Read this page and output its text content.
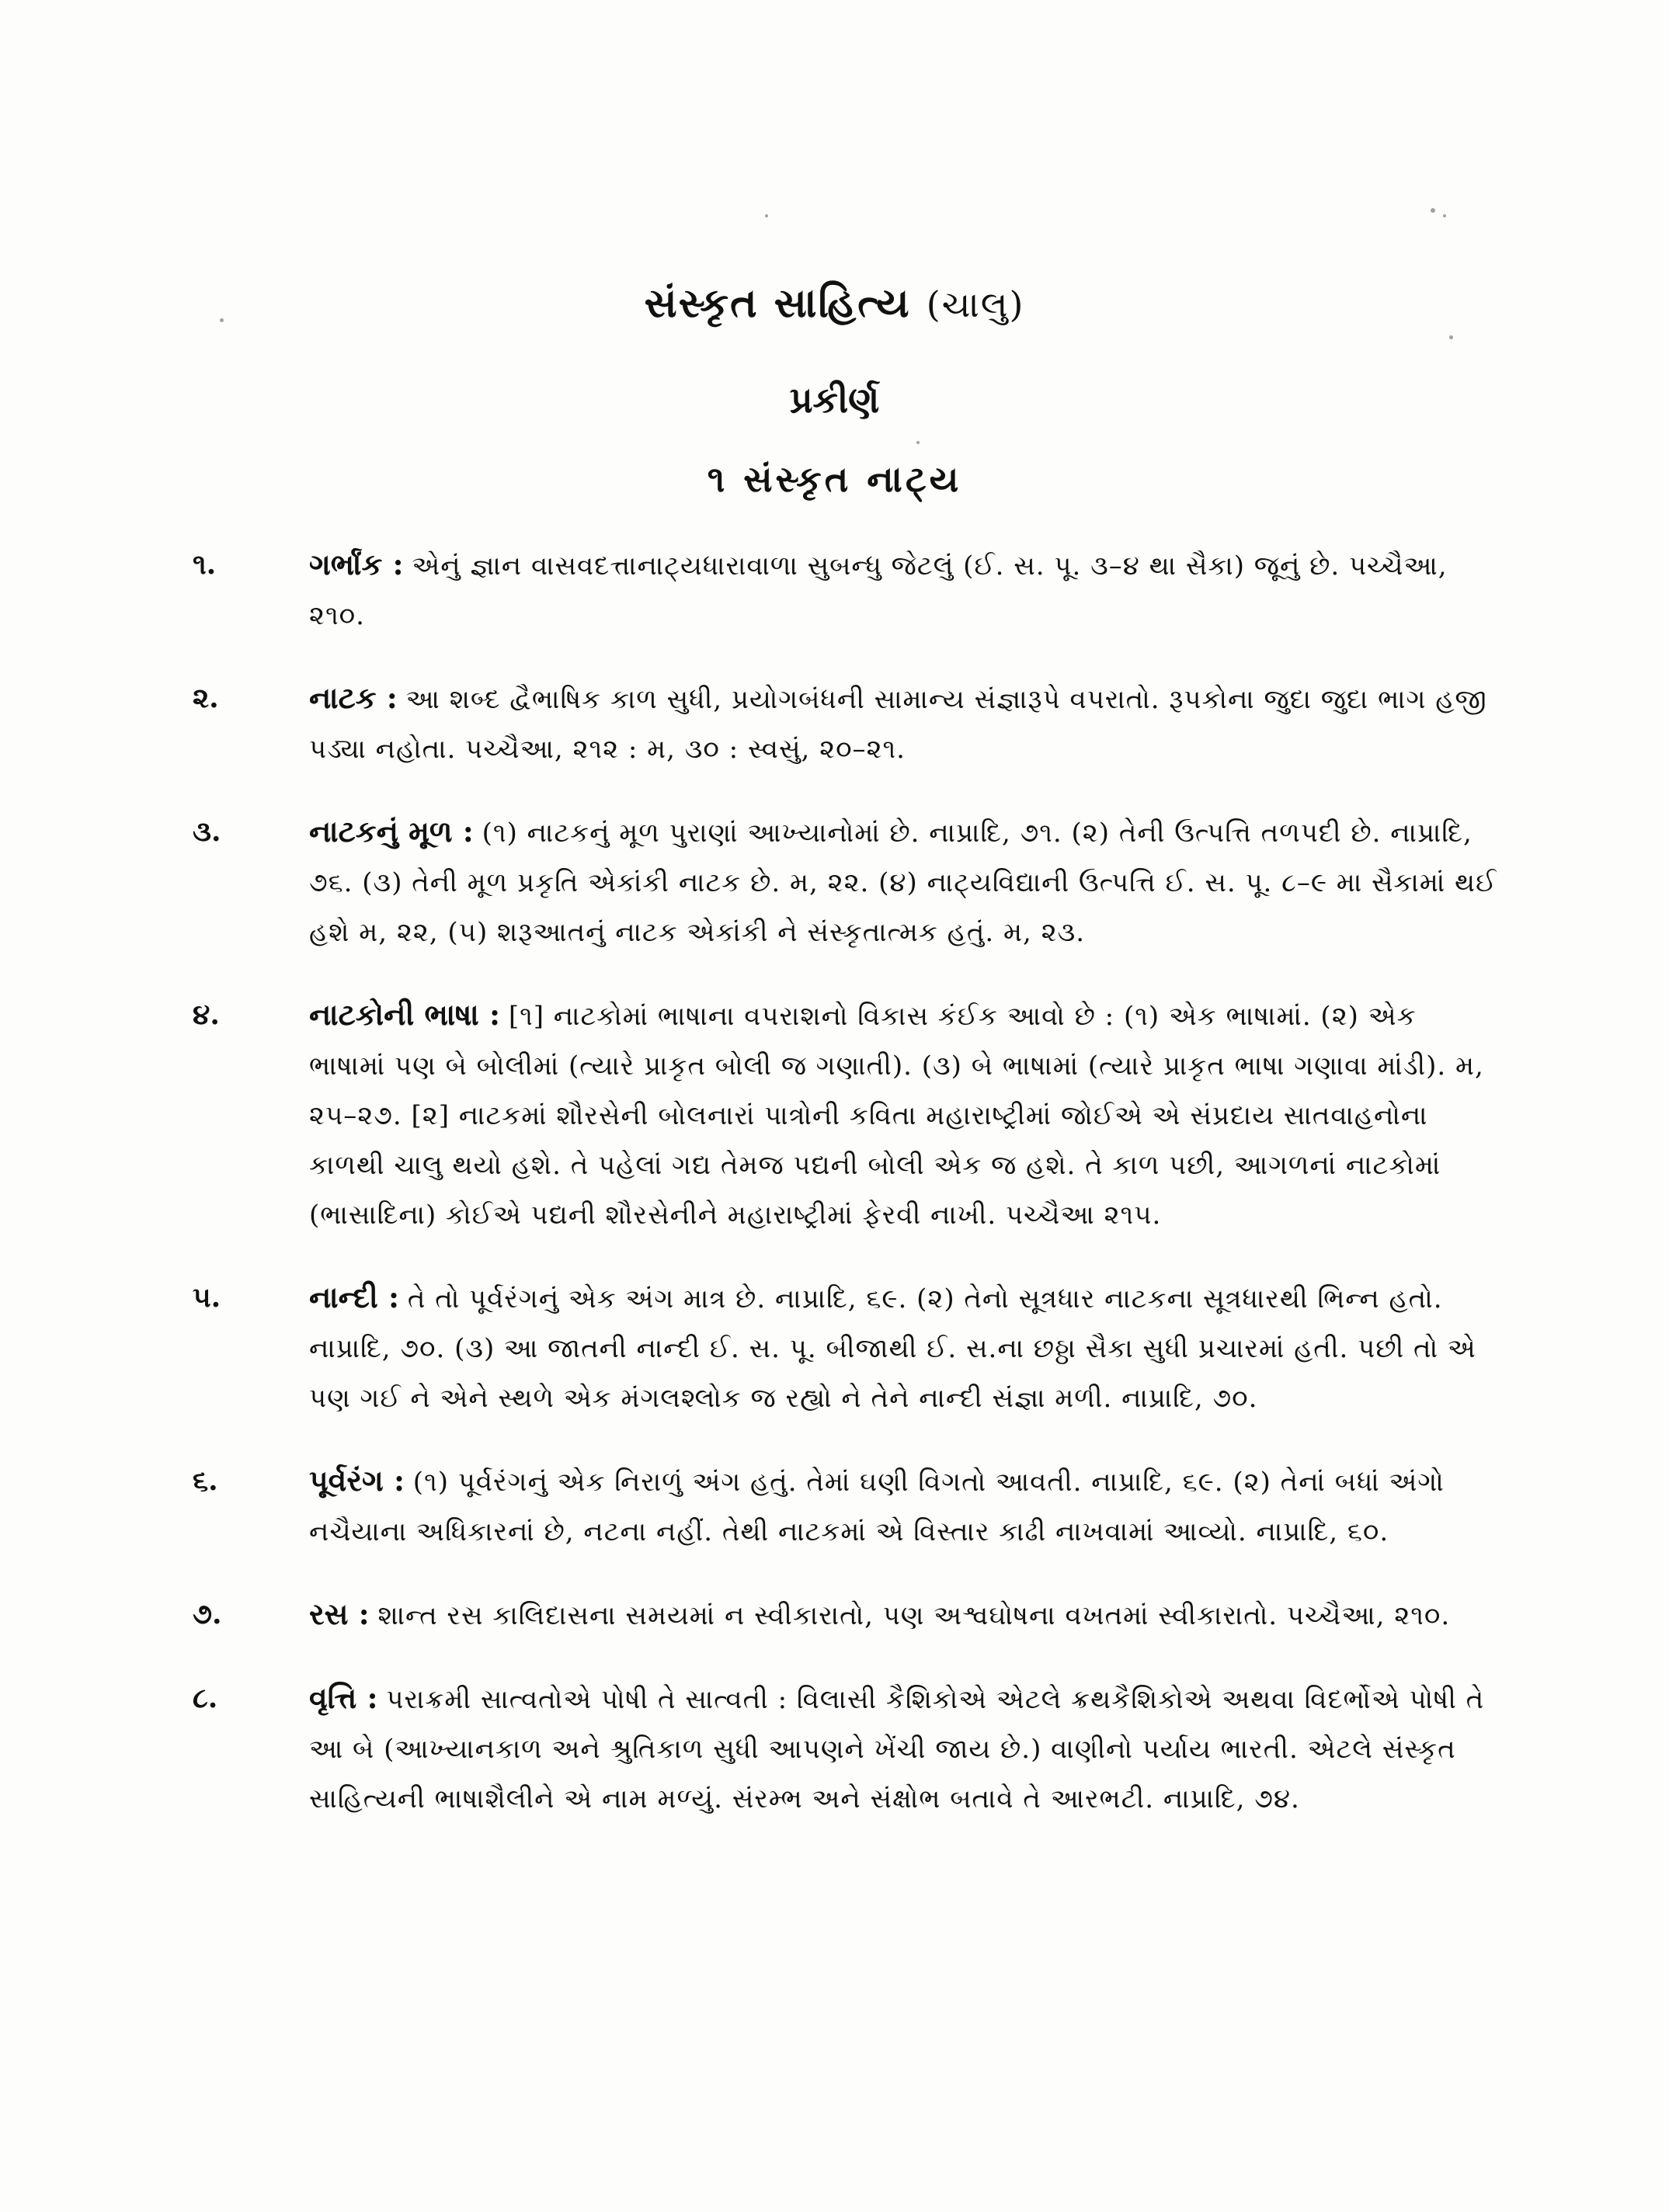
સંસ્કૃત સાહિત્ય (ચાલુ)
પ્રકીર્ણ
૧ સંસ્કૃત નાટ્ય
૧.	ગર્ભાંક : એનું જ્ઞાન વાસવદત્તાનાટ્યધારાવાળા સુબન્ધુ જેટલું (ઈ. સ. પૂ. ૩–૪ થા સૈકા) જૂનું છે. પચ્ચૈઆ, ૨૧૦.
૨.	નાટક : આ શબ્દ દ્વૈભાષિક કાળ સુધી, પ્રયોગબંધની સામાન્ય સંજ્ઞારૂપે વપરાતો. રૂપકોના જુદા જુદા ભાગ હજી પડ્યા નહોતા. પચ્ચૈઆ, ૨૧૨ : મ, ૩૦ : સ્વસું, ૨૦–૨૧.
૩.	નાટકનું મૂળ : (૧) નાટકનું મૂળ પુરાણાં આખ્યાનોમાં છે. નાપ્રાદિ, ૭૧. (૨) તેની ઉત્પત્તિ તળપદી છે. નાપ્રાદિ, ૭૬. (૩) તેની મૂળ પ્રકૃતિ એકાંકી નાટક છે. મ, ૨૨. (૪) નાટ્યવિદ્યાની ઉત્પત્તિ ઈ. સ. પૂ. ૮–૯ મા સૈકામાં થઈ હશે મ, ૨૨, (૫) શરૂઆતનું નાટક એકાંકી ને સંસ્કૃતાત્મક હતું. મ, ૨૩.
૪.	નાટકોની ભાષા : [૧] નાટકોમાં ભાષાના વપરાશનો વિકાસ કંઈક આવો છે : (૧) એક ભાષામાં. (૨) એક ભાષામાં પણ બે બોલીમાં (ત્યારે પ્રાકૃત બોલી જ ગણાતી). (૩) બે ભાષામાં (ત્યારે પ્રાકૃત ભાષા ગણાવા માંડી). મ, ૨૫–૨૭. [૨] નાટકમાં શૌરસેની બોલનારાં પાત્રોની કવિતા મહારાષ્ટ્રીમાં જોઈએ એ સંપ્રદાય સાતવાહનોના કાળથી ચાલુ થયો હશે. તે પહેલાં ગદ્ય તેમજ પદ્યની બોલી એક જ હશે. તે કાળ પછી, આગળનાં નાટકોમાં (ભાસાદિના) કોઈએ પદ્યની શૌરસેનીને મહારાષ્ટ્રીમાં ફેરવી નાખી. પચ્ચૈઆ ૨૧૫.
૫.	નાન્દી : તે તો પૂર્વરંગનું એક અંગ માત્ર છે. નાપ્રાદિ, ૬૯. (૨) તેનો સૂત્રધાર નાટકના સૂત્રધારથી ભિન્ન હતો. નાપ્રાદિ, ૭૦. (૩) આ જાતની નાન્દી ઈ. સ. પૂ. બીજાથી ઈ. સ.ના છઠ્ઠા સૈકા સુધી પ્રચારમાં હતી. પછી તો એ પણ ગઈ ને એને સ્થળે એક મંગલશ્લોક જ રહ્યો ને તેને નાન્દી સંજ્ઞા મળી. નાપ્રાદિ, ૭૦.
૬.	પૂર્વરંગ : (૧) પૂર્વરંગનું એક નિરાળું અંગ હતું. તેમાં ઘણી વિગતો આવતી. નાપ્રાદિ, ૬૯. (૨) તેનાં બધાં અંગો નચૈયાના અધિકારનાં છે, નટના નહીં. તેથી નાટકમાં એ વિસ્તાર કાઢી નાખવામાં આવ્યો. નાપ્રાદિ, ૬૦.
૭.	રસ : શાન્ત રસ કાલિદાસના સમયમાં ન સ્વીકારાતો, પણ અશ્વઘોષના વખતમાં સ્વીકારાતો. પચ્ચૈઆ, ૨૧૦.
૮.	વૃત્તિ : પરાક્રમી સાત્વતોએ પોષી તે સાત્વતી : વિલાસી કૈશિકોએ એટલે ક્રથકૈશિકોએ અથવા વિદર્ભોએ પોષી તે આ બે (આખ્યાનકાળ અને શ્રુતિકાળ સુધી આપણને ખેંચી જાય છે.) વાણીનો પર્યાય ભારતી. એટલે સંસ્કૃત સાહિત્યની ભાષાશૈલીને એ નામ મળ્યું. સંરમ્ભ અને સંક્ષોભ બતાવે તે આરભટી. નાપ્રાદિ, ૭૪.
